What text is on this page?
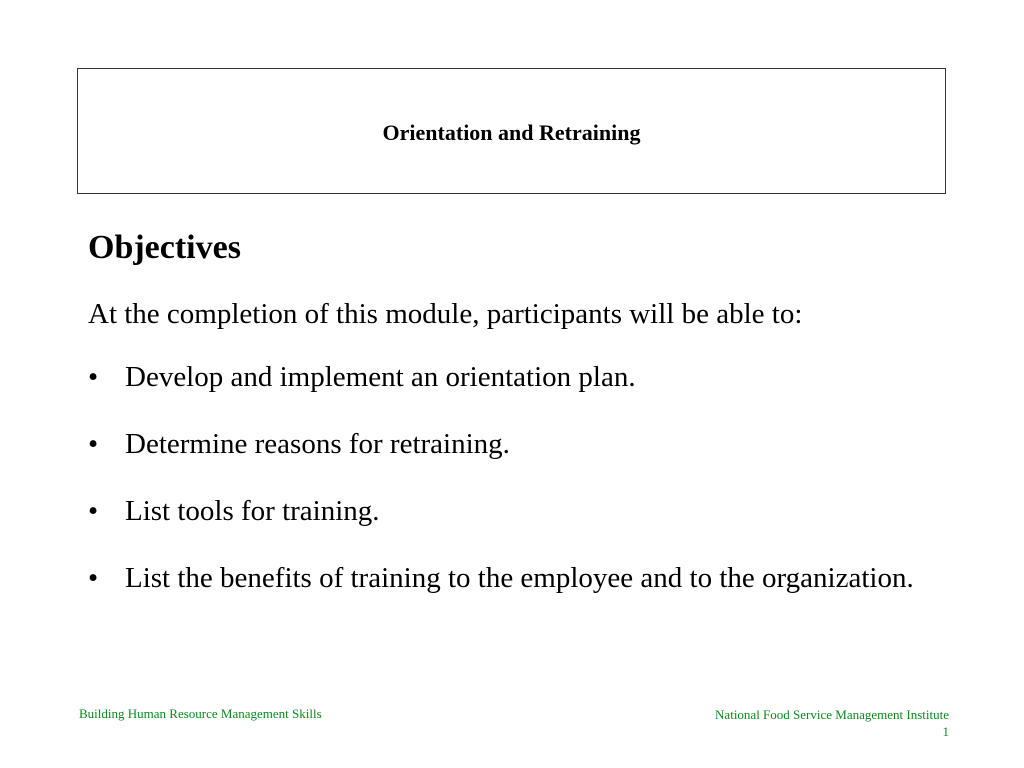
Orientation and Retraining

Objectives

At the completion of this module, participants will be able to:

• Develop and implement an orientation plan.
• Determine reasons for retraining.
• List tools for training.
• List the benefits of training to the employee and to the organization.
Building Human Resource Management Skills	National Food Service Management Institute
1
